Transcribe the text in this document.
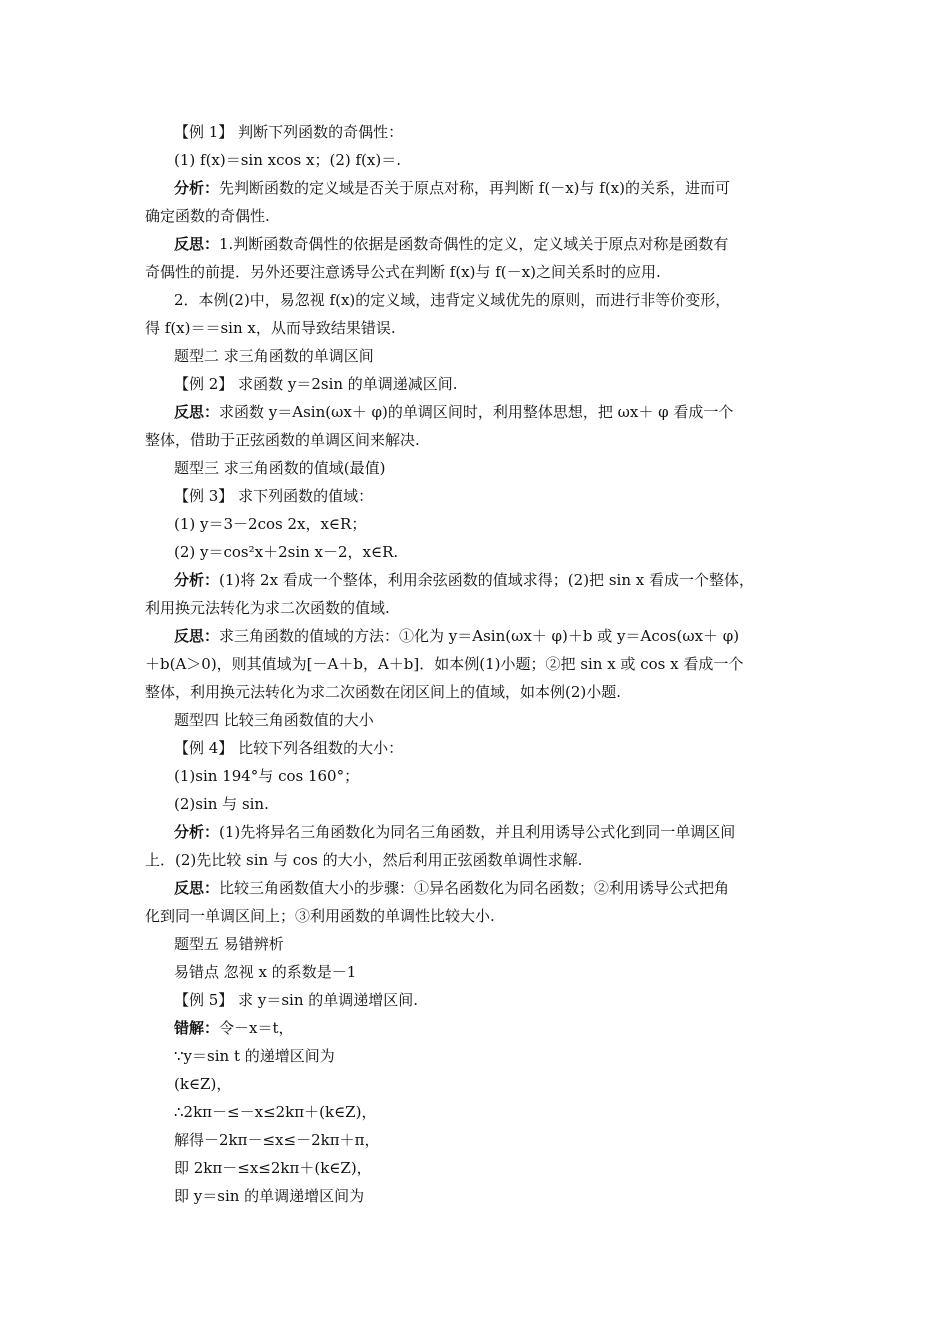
【例 1】 判断下列函数的奇偶性：
(1) f(x)＝sin xcos x；(2) f(x)＝.
分析：先判断函数的定义域是否关于原点对称，再判断 f(－x)与 f(x)的关系，进而可
确定函数的奇偶性.
反思：1.判断函数奇偶性的依据是函数奇偶性的定义，定义域关于原点对称是函数有
奇偶性的前提．另外还要注意诱导公式在判断 f(x)与 f(－x)之间关系时的应用.
2．本例(2)中，易忽视 f(x)的定义域，违背定义域优先的原则，而进行非等价变形，
得 f(x)＝＝sin x，从而导致结果错误.
题型二 求三角函数的单调区间
【例 2】 求函数 y＝2sin 的单调递减区间.
反思：求函数 y＝Asin(ωx＋ φ)的单调区间时，利用整体思想，把 ωx＋ φ 看成一个
整体，借助于正弦函数的单调区间来解决.
题型三 求三角函数的值域(最值)
【例 3】 求下列函数的值域：
(1) y＝3－2cos 2x，x∈R；
(2) y＝cos²x＋2sin x－2，x∈R.
分析：(1)将 2x 看成一个整体，利用余弦函数的值域求得；(2)把 sin x 看成一个整体，
利用换元法转化为求二次函数的值域.
反思：求三角函数的值域的方法：①化为 y＝Asin(ωx＋ φ)＋b 或 y＝Acos(ωx＋ φ)
＋b(A＞0)，则其值域为[－A＋b，A＋b]．如本例(1)小题；②把 sin x 或 cos x 看成一个
整体，利用换元法转化为求二次函数在闭区间上的值域，如本例(2)小题.
题型四 比较三角函数值的大小
【例 4】 比较下列各组数的大小：
(1)sin 194°与 cos 160°；
(2)sin 与 sin.
分析：(1)先将异名三角函数化为同名三角函数，并且利用诱导公式化到同一单调区间
上．(2)先比较 sin 与 cos 的大小，然后利用正弦函数单调性求解.
反思：比较三角函数值大小的步骤：①异名函数化为同名函数；②利用诱导公式把角
化到同一单调区间上；③利用函数的单调性比较大小.
题型五 易错辨析
易错点 忽视 x 的系数是－1
【例 5】 求 y＝sin 的单调递增区间.
错解：令－x＝t，
∵y＝sin t 的递增区间为
(k∈Z)，
∴2kπ－≤－x≤2kπ＋(k∈Z)，
解得－2kπ－≤x≤－2kπ＋π，
即 2kπ－≤x≤2kπ＋(k∈Z)，
即 y＝sin 的单调递增区间为
